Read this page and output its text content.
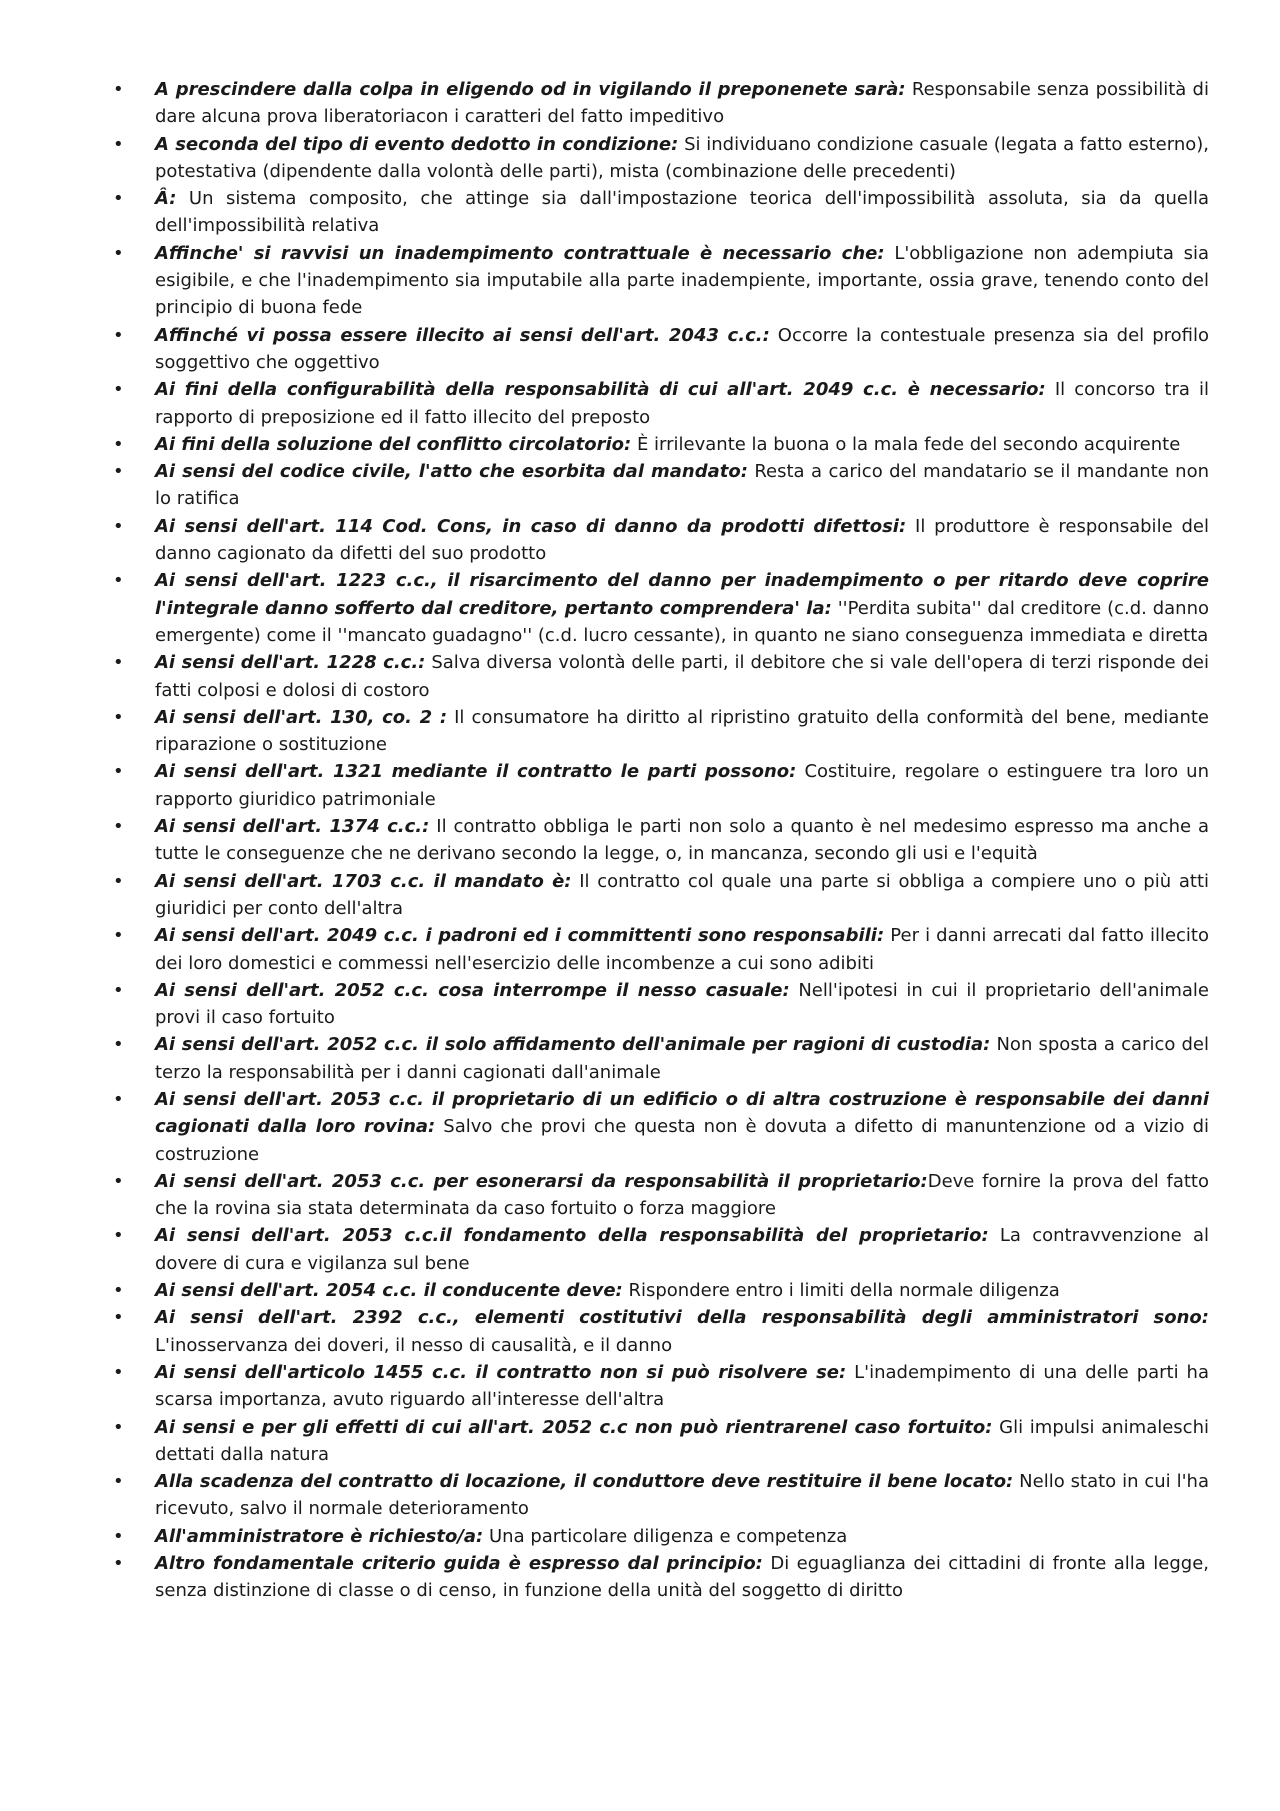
• A prescindere dalla colpa in eligendo od in vigilando il preponenete sarà: Responsabile senza possibilità di dare alcuna prova liberatoriacon i caratteri del fatto impeditivo
• A seconda del tipo di evento dedotto in condizione: Si individuano condizione casuale (legata a fatto esterno), potestativa (dipendente dalla volontà delle parti), mista (combinazione delle precedenti)
• Â: Un sistema composito, che attinge sia dall'impostazione teorica dell'impossibilità assoluta, sia da quella dell'impossibilità relativa
• Affinche' si ravvisi un inadempimento contrattuale è necessario che: L'obbligazione non adempiuta sia esigibile, e che l'inadempimento sia imputabile alla parte inadempiente, importante, ossia grave, tenendo conto del principio di buona fede
• Affinché vi possa essere illecito ai sensi dell'art. 2043 c.c.: Occorre la contestuale presenza sia del profilo soggettivo che oggettivo
• Ai fini della configurabilità della responsabilità di cui all'art. 2049 c.c. è necessario: Il concorso tra il rapporto di preposizione ed il fatto illecito del preposto
• Ai fini della soluzione del conflitto circolatorio: È irrilevante la buona o la mala fede del secondo acquirente
• Ai sensi del codice civile, l'atto che esorbita dal mandato: Resta a carico del mandatario se il mandante non lo ratifica
• Ai sensi dell'art. 114 Cod. Cons, in caso di danno da prodotti difettosi: Il produttore è responsabile del danno cagionato da difetti del suo prodotto
• Ai sensi dell'art. 1223 c.c., il risarcimento del danno per inadempimento o per ritardo deve coprire l'integrale danno sofferto dal creditore, pertanto comprendera' la: ''Perdita subita'' dal creditore (c.d. danno emergente) come il ''mancato guadagno'' (c.d. lucro cessante), in quanto ne siano conseguenza immediata e diretta
• Ai sensi dell'art. 1228 c.c.: Salva diversa volontà delle parti, il debitore che si vale dell'opera di terzi risponde dei fatti colposi e dolosi di costoro
• Ai sensi dell'art. 130, co. 2 : Il consumatore ha diritto al ripristino gratuito della conformità del bene, mediante riparazione o sostituzione
• Ai sensi dell'art. 1321 mediante il contratto le parti possono: Costituire, regolare o estinguere tra loro un rapporto giuridico patrimoniale
• Ai sensi dell'art. 1374 c.c.: Il contratto obbliga le parti non solo a quanto è nel medesimo espresso ma anche a tutte le conseguenze che ne derivano secondo la legge, o, in mancanza, secondo gli usi e l'equità
• Ai sensi dell'art. 1703 c.c. il mandato è: Il contratto col quale una parte si obbliga a compiere uno o più atti giuridici per conto dell'altra
• Ai sensi dell'art. 2049 c.c. i padroni ed i committenti sono responsabili: Per i danni arrecati dal fatto illecito dei loro domestici e commessi nell'esercizio delle incombenze a cui sono adibiti
• Ai sensi dell'art. 2052 c.c. cosa interrompe il nesso casuale: Nell'ipotesi in cui il proprietario dell'animale provi il caso fortuito
• Ai sensi dell'art. 2052 c.c. il solo affidamento dell'animale per ragioni di custodia: Non sposta a carico del terzo la responsabilità per i danni cagionati dall'animale
• Ai sensi dell'art. 2053 c.c. il proprietario di un edificio o di altra costruzione è responsabile dei danni cagionati dalla loro rovina: Salvo che provi che questa non è dovuta a difetto di manuntenzione od a vizio di costruzione
• Ai sensi dell'art. 2053 c.c. per esonerarsi da responsabilità il proprietario:Deve fornire la prova del fatto che la rovina sia stata determinata da caso fortuito o forza maggiore
• Ai sensi dell'art. 2053 c.c.il fondamento della responsabilità del proprietario: La contravvenzione al dovere di cura e vigilanza sul bene
• Ai sensi dell'art. 2054 c.c. il conducente deve: Rispondere entro i limiti della normale diligenza
• Ai sensi dell'art. 2392 c.c., elementi costitutivi della responsabilità degli amministratori sono: L'inosservanza dei doveri, il nesso di causalità, e il danno
• Ai sensi dell'articolo 1455 c.c. il contratto non si può risolvere se: L'inadempimento di una delle parti ha scarsa importanza, avuto riguardo all'interesse dell'altra
• Ai sensi e per gli effetti di cui all'art. 2052 c.c non può rientrarenel caso fortuito: Gli impulsi animaleschi dettati dalla natura
• Alla scadenza del contratto di locazione, il conduttore deve restituire il bene locato: Nello stato in cui l'ha ricevuto, salvo il normale deterioramento
• All'amministratore è richiesto/a: Una particolare diligenza e competenza
• Altro fondamentale criterio guida è espresso dal principio: Di eguaglianza dei cittadini di fronte alla legge, senza distinzione di classe o di censo, in funzione della unità del soggetto di diritto
